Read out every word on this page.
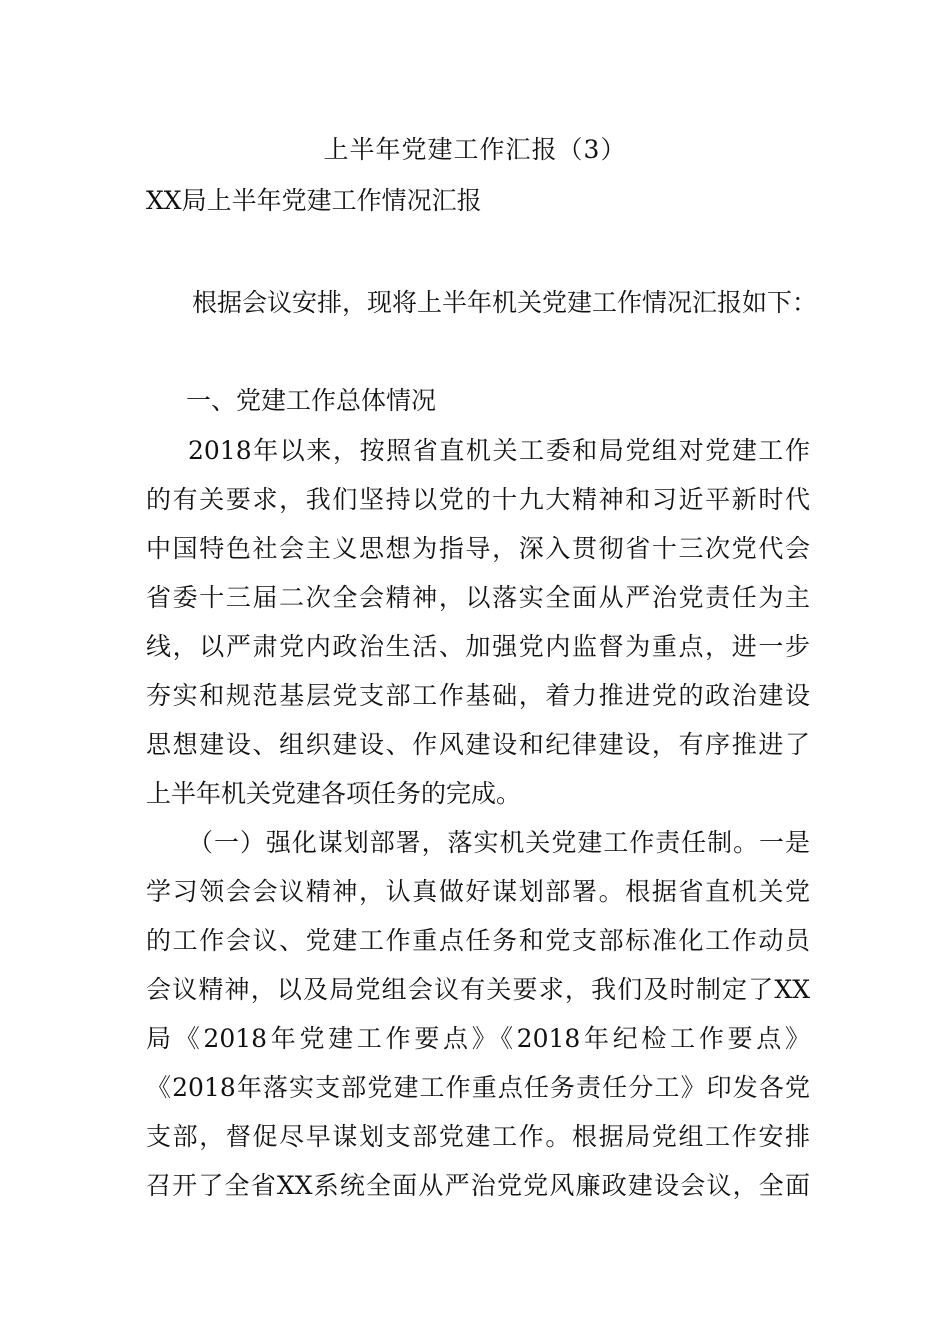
上半年党建工作汇报（3）
XX局上半年党建工作情况汇报
根据会议安排，现将上半年机关党建工作情况汇报如下：
一、党建工作总体情况
2018年以来，按照省直机关工委和局党组对党建工作
的有关要求，我们坚持以党的十九大精神和习近平新时代
中国特色社会主义思想为指导，深入贯彻省十三次党代会
省委十三届二次全会精神，以落实全面从严治党责任为主
线，以严肃党内政治生活、加强党内监督为重点，进一步
夯实和规范基层党支部工作基础，着力推进党的政治建设
思想建设、组织建设、作风建设和纪律建设，有序推进了
上半年机关党建各项任务的完成。
（一）强化谋划部署，落实机关党建工作责任制。一是
学习领会会议精神，认真做好谋划部署。根据省直机关党
的工作会议、党建工作重点任务和党支部标准化工作动员
会议精神，以及局党组会议有关要求，我们及时制定了XX
局《2018年党建工作要点》《2018年纪检工作要点》
《2018年落实支部党建工作重点任务责任分工》印发各党
支部，督促尽早谋划支部党建工作。根据局党组工作安排
召开了全省XX系统全面从严治党党风廉政建设会议，全面
